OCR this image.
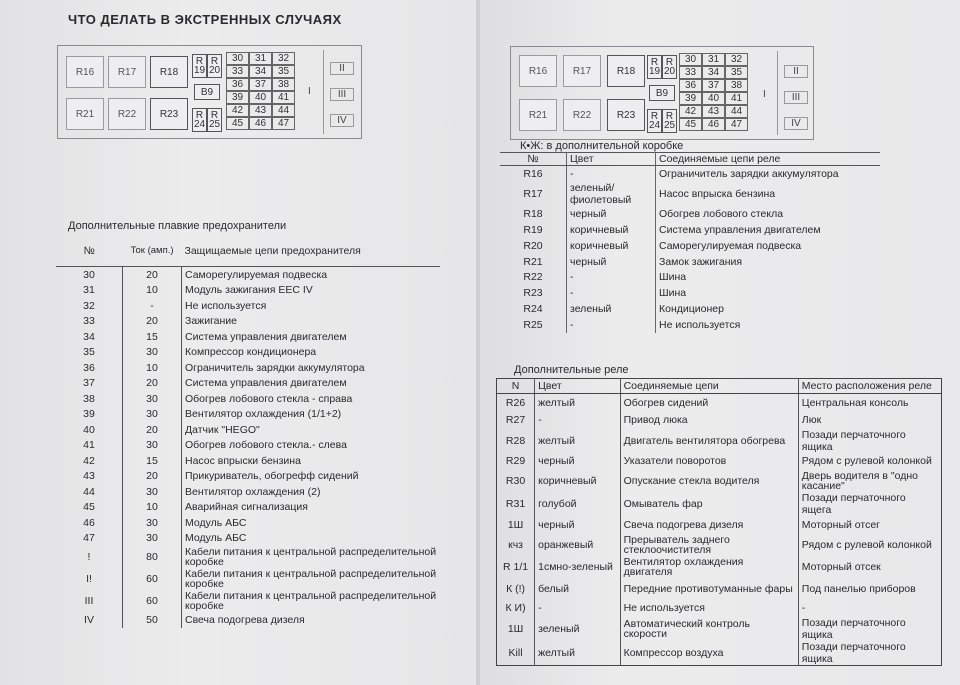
ЧТО ДЕЛАТЬ В ЭКСТРЕННЫХ СЛУЧАЯХ
R16	R17	R18
R21	R22	R23
R 19
R 20
B9
R 24
R 25
30	31	32
33	34	35
36	37	38
39	40	41
42	43	44
45	46	47
I
II
III
IV
R16	R17	R18
R21	R22	R23
R 19
R 20
B9
R 24
R 25
30	31	32
33	34	35
36	37	38
39	40	41
42	43	44
45	46	47
I
II
III
IV
Дополнительные плавкие предохранители
№	Ток (амп.)	Защищаемые цепи предохранителя
30	20	Саморегулируемая подвеска
31	10	Модуль зажигания EEC IV
32	-	Не используется
33	20	Зажигание
34	15	Система управления двигателем
35	30	Компрессор кондиционера
36	10	Ограничитель зарядки аккумулятора
37	20	Система управления двигателем
38	30	Обогрев лобового стекла - справа
39	30	Вентилятор охлаждения (1/1+2)
40	20	Датчик "HEGO"
41	30	Обогрев лобового стекла.- слева
42	15	Насос впрыски бензина
43	20	Прикуриватель, обогрефф сидений
44	30	Вентилятор охлаждения (2)
45	10	Аварийная сигнализация
46	30	Модуль АБС
47	30	Модуль АБС
!	80	Кабели питания к центральной распределительной коробке
I!	60	Кабели питания к центральной распределительной коробке
III	60	Кабели питания к центральной распределительной коробке
IV	50	Свеча подогрева дизеля
К•Ж: в дополнительной коробке
№	Цвет	Соединяемые цепи реле
R16	-	Ограничитель зарядки аккумулятора
R17	зеленый/ фиолетовый	Насос впрыска бензина
R18	черный	Обогрев лобового стекла
R19	коричневый	Система управления двигателем
R20	коричневый	Саморегулируемая подвеска
R21	черный	Замок зажигания
R22	-	Шина
R23	-	Шина
R24	зеленый	Кондиционер
R25	-	Не используется
Дополнительные реле
N	Цвет	Соединяемые цепи	Место расположения реле
R26	желтый	Обогрев сидений	Центральная консоль
R27	-	Привод люка	Люк
R28	желтый	Двигатель вентилятора обогрева	Позади перчаточного ящика
R29	черный	Указатели поворотов	Рядом с рулевой колонкой
R30	коричневый	Опускание стекла водителя	Дверь водителя в "одно касание"
R31	голубой	Омыватель фар	Позади перчаточного ящега
1Ш	черный	Свеча подогрева дизеля	Моторный отсег
кчз	оранжевый	Прерыватель заднего стеклоочистителя	Рядом с рулевой колонкой
R 1/1	1смно-зеленый	Вентилятор охлаждения двигателя	Моторный отсек
К (!)	белый	Передние противотуманные фары	Под панелью приборов
К И)	-	Не используется	-
1Ш	зеленый	Автоматический контроль скорости	Позади перчаточного ящика
Kill	желтый	Компрессор воздуха	Позади перчаточного ящика
